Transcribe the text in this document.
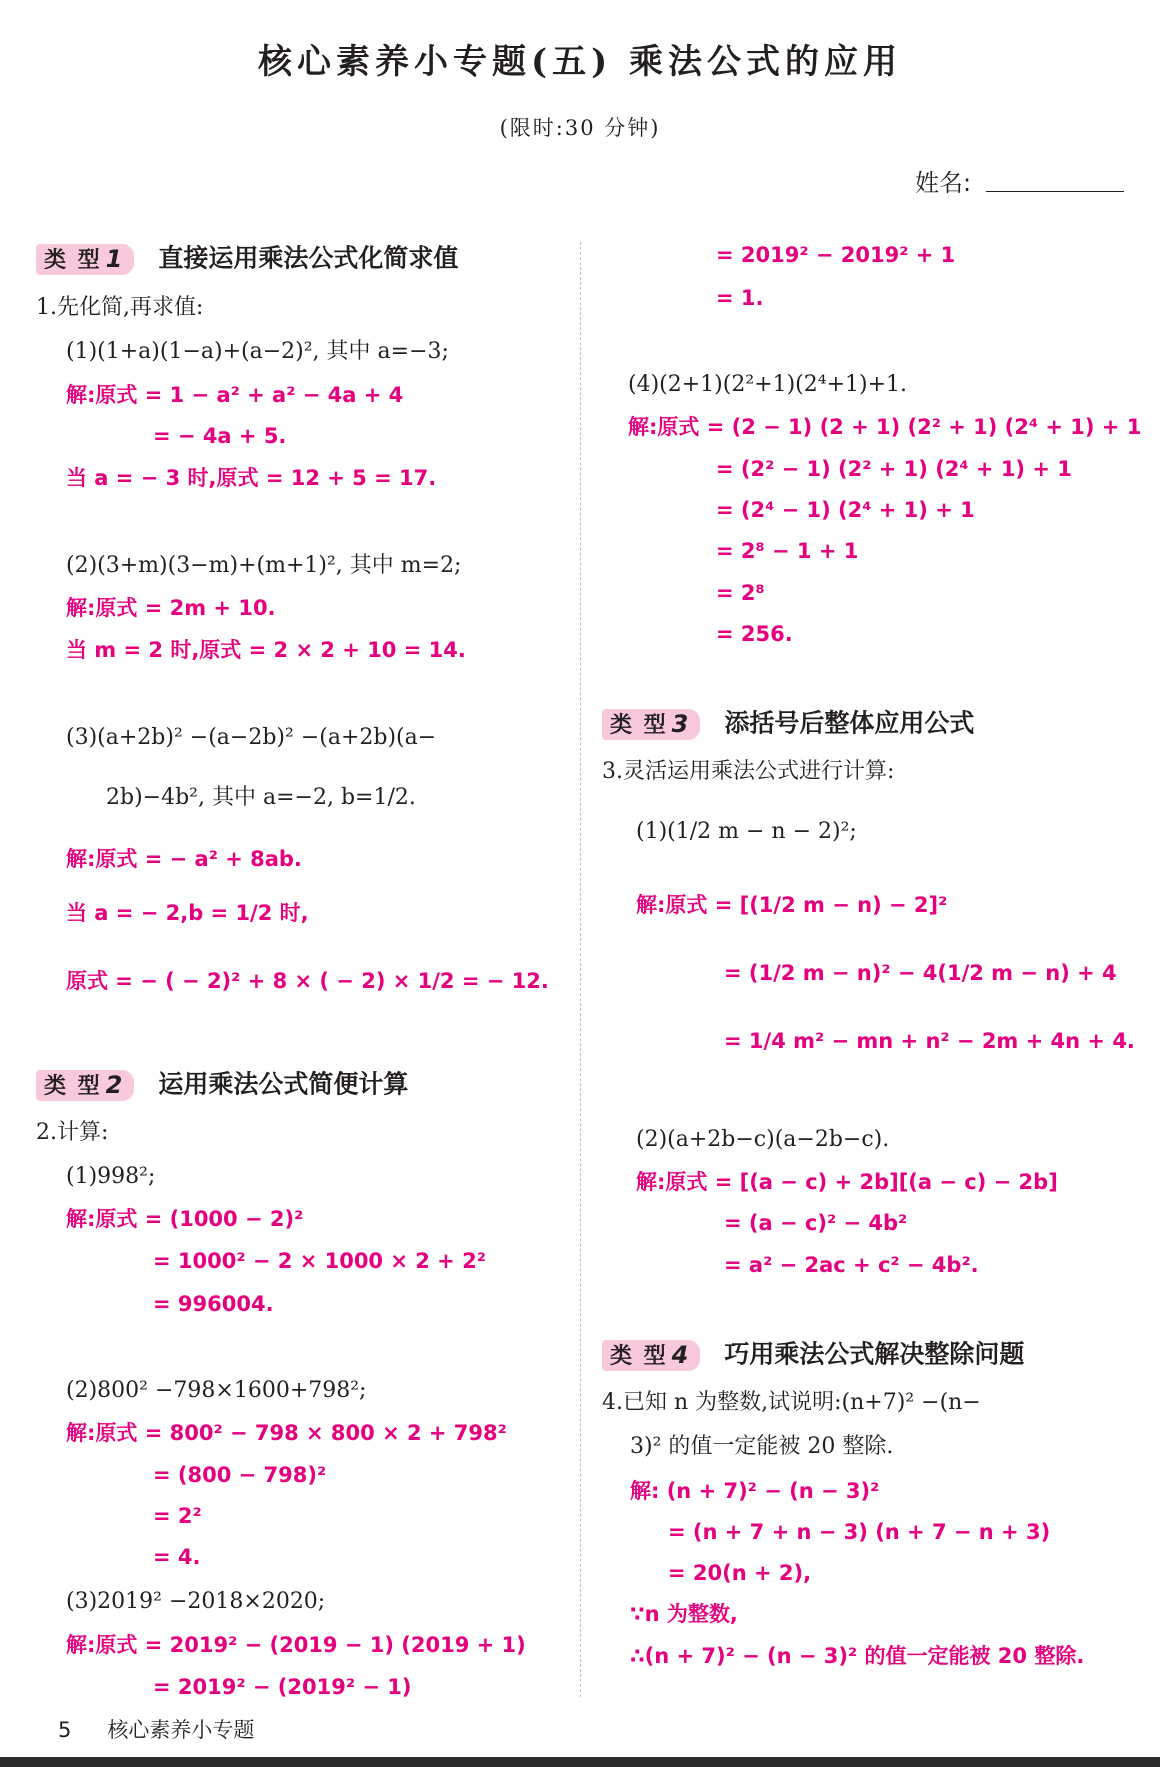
核心素养小专题(五) 乘法公式的应用
(限时:30 分钟)
姓名:
类 型 1 直接运用乘法公式化简求值
1.先化简,再求值:
(1)(1+a)(1−a)+(a−2)², 其中 a=−3;
解:原式 = 1 − a² + a² − 4a + 4
= − 4a + 5.
当 a = − 3 时,原式 = 12 + 5 = 17.
(2)(3+m)(3−m)+(m+1)², 其中 m=2;
解:原式 = 2m + 10.
当 m = 2 时,原式 = 2 × 2 + 10 = 14.
(3)(a+2b)² −(a−2b)² −(a+2b)(a−
2b)−4b², 其中 a=−2, b=1/2.
解:原式 = − a² + 8ab.
当 a = − 2,b = 1/2 时,
原式 = − ( − 2)² + 8 × ( − 2) × 1/2 = − 12.
类 型 2 运用乘法公式简便计算
2.计算:
(1)998²;
解:原式 = (1000 − 2)²
= 1000² − 2 × 1000 × 2 + 2²
= 996004.
(2)800² −798×1600+798²;
解:原式 = 800² − 798 × 800 × 2 + 798²
= (800 − 798)²
= 2²
= 4.
(3)2019² −2018×2020;
解:原式 = 2019² − (2019 − 1) (2019 + 1)
= 2019² − (2019² − 1)
= 2019² − 2019² + 1
= 1.
(4)(2+1)(2²+1)(2⁴+1)+1.
解:原式 = (2 − 1) (2 + 1) (2² + 1) (2⁴ + 1) + 1
= (2² − 1) (2² + 1) (2⁴ + 1) + 1
= (2⁴ − 1) (2⁴ + 1) + 1
= 2⁸ − 1 + 1
= 2⁸
= 256.
类 型 3 添括号后整体应用公式
3.灵活运用乘法公式进行计算:
(1)(1/2 m − n − 2)²;
解:原式 = [(1/2 m − n) − 2]²
= (1/2 m − n)² − 4(1/2 m − n) + 4
= 1/4 m² − mn + n² − 2m + 4n + 4.
(2)(a+2b−c)(a−2b−c).
解:原式 = [(a − c) + 2b][(a − c) − 2b]
= (a − c)² − 4b²
= a² − 2ac + c² − 4b².
类 型 4 巧用乘法公式解决整除问题
4.已知 n 为整数,试说明:(n+7)² −(n−
3)² 的值一定能被 20 整除.
解: (n + 7)² − (n − 3)²
= (n + 7 + n − 3) (n + 7 − n + 3)
= 20(n + 2),
∵n 为整数,
∴(n + 7)² − (n − 3)² 的值一定能被 20 整除.
5 核心素养小专题
